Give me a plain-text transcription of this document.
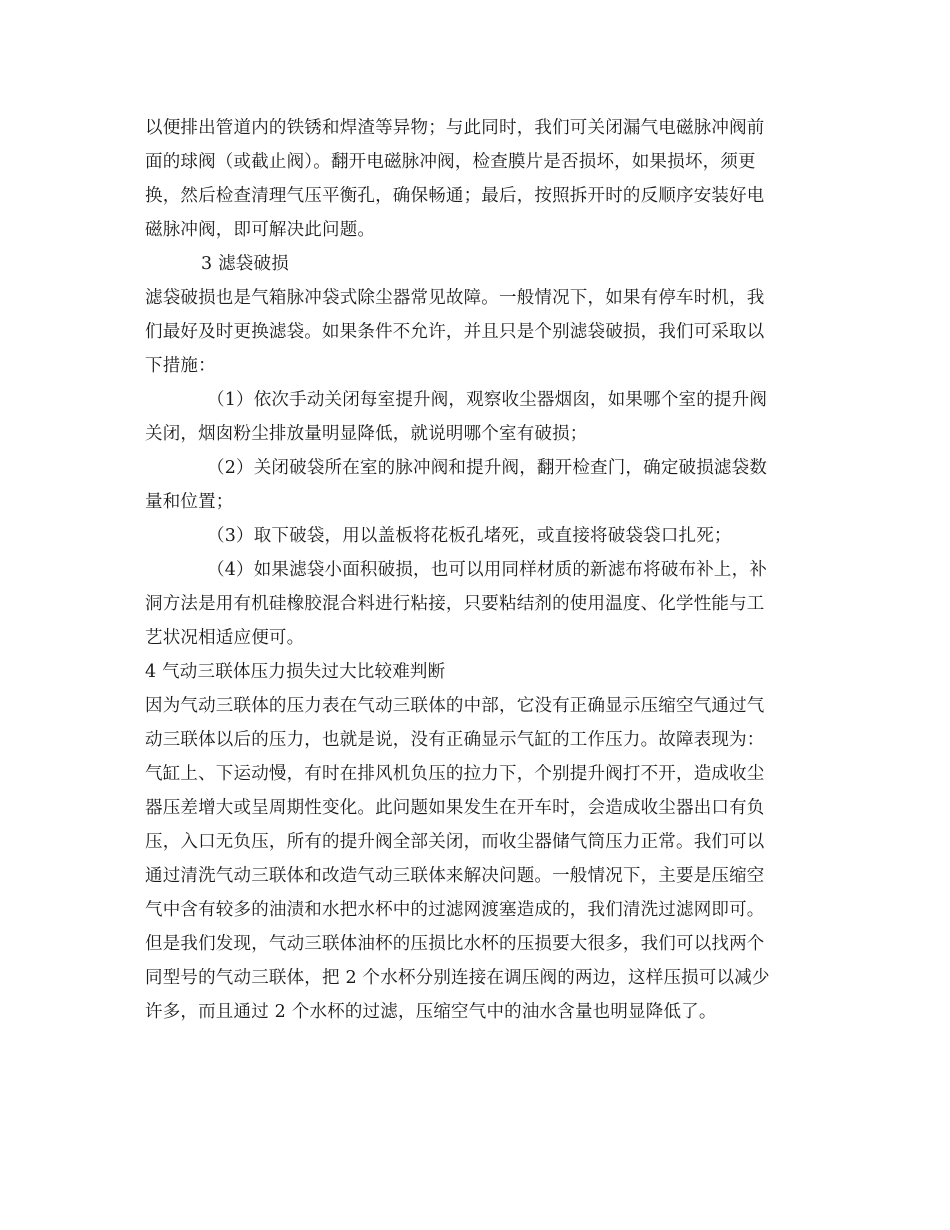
以便排出管道内的铁锈和焊渣等异物；与此同时，我们可关闭漏气电磁脉冲阀前
面的球阀（或截止阀）。翻开电磁脉冲阀，检查膜片是否损坏，如果损坏，须更
换，然后检查清理气压平衡孔，确保畅通；最后，按照拆开时的反顺序安装好电
磁脉冲阀，即可解决此问题。
3 滤袋破损
滤袋破损也是气箱脉冲袋式除尘器常见故障。一般情况下，如果有停车时机，我
们最好及时更换滤袋。如果条件不允许，并且只是个别滤袋破损，我们可采取以
下措施：
（1）依次手动关闭每室提升阀，观察收尘器烟囱，如果哪个室的提升阀
关闭，烟囱粉尘排放量明显降低，就说明哪个室有破损；
（2）关闭破袋所在室的脉冲阀和提升阀，翻开检查门，确定破损滤袋数
量和位置；
（3）取下破袋，用以盖板将花板孔堵死，或直接将破袋袋口扎死；
（4）如果滤袋小面积破损，也可以用同样材质的新滤布将破布补上，补
洞方法是用有机硅橡胶混合料进行粘接，只要粘结剂的使用温度、化学性能与工
艺状况相适应便可。
4 气动三联体压力损失过大比较难判断
因为气动三联体的压力表在气动三联体的中部，它没有正确显示压缩空气通过气
动三联体以后的压力，也就是说，没有正确显示气缸的工作压力。故障表现为：
气缸上、下运动慢，有时在排风机负压的拉力下，个别提升阀打不开，造成收尘
器压差增大或呈周期性变化。此问题如果发生在开车时，会造成收尘器出口有负
压，入口无负压，所有的提升阀全部关闭，而收尘器储气筒压力正常。我们可以
通过清洗气动三联体和改造气动三联体来解决问题。一般情况下，主要是压缩空
气中含有较多的油渍和水把水杯中的过滤网渡塞造成的，我们清洗过滤网即可。
但是我们发现，气动三联体油杯的压损比水杯的压损要大很多，我们可以找两个
同型号的气动三联体，把 2 个水杯分别连接在调压阀的两边，这样压损可以减少
许多，而且通过 2 个水杯的过滤，压缩空气中的油水含量也明显降低了。
